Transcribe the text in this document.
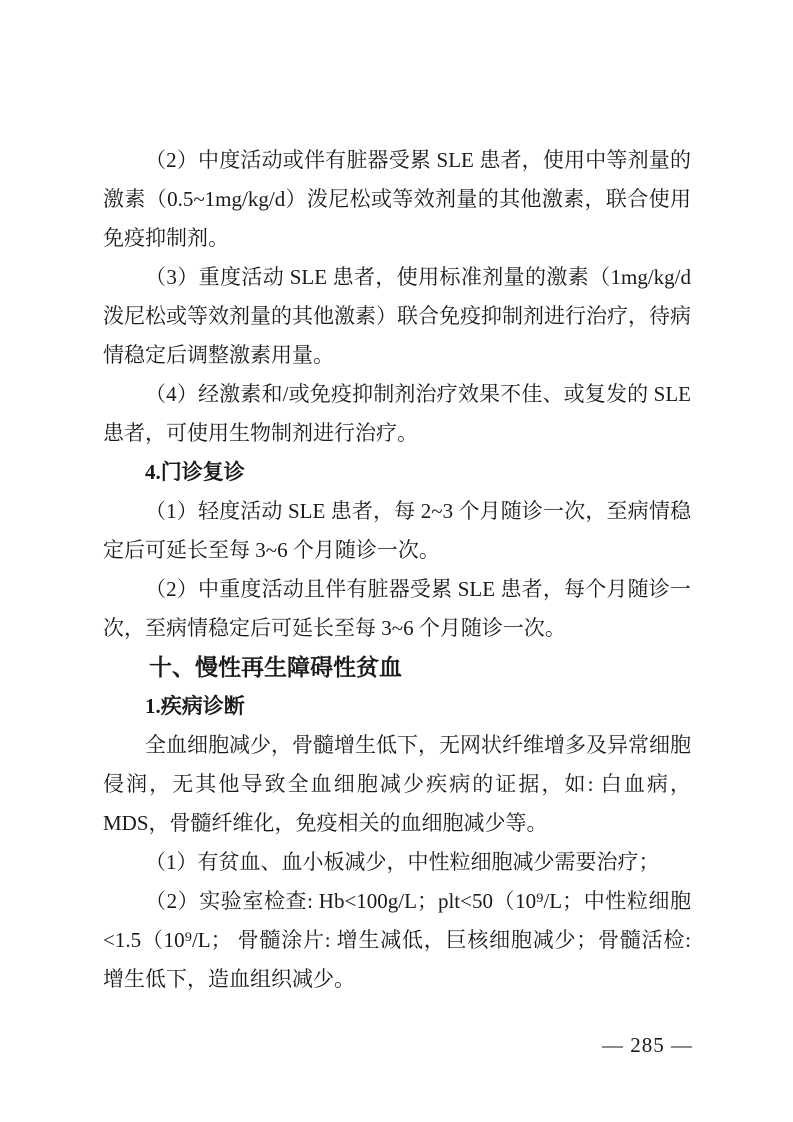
（2）中度活动或伴有脏器受累 SLE 患者，使用中等剂量的激素（0.5~1mg/kg/d）泼尼松或等效剂量的其他激素，联合使用免疫抑制剂。
（3）重度活动 SLE 患者，使用标准剂量的激素（1mg/kg/d泼尼松或等效剂量的其他激素）联合免疫抑制剂进行治疗，待病情稳定后调整激素用量。
（4）经激素和/或免疫抑制剂治疗效果不佳、或复发的 SLE 患者，可使用生物制剂进行治疗。
4.门诊复诊
（1）轻度活动 SLE 患者，每 2~3 个月随诊一次，至病情稳定后可延长至每 3~6 个月随诊一次。
（2）中重度活动且伴有脏器受累 SLE 患者，每个月随诊一次，至病情稳定后可延长至每 3~6 个月随诊一次。
十、慢性再生障碍性贫血
1.疾病诊断
全血细胞减少，骨髓增生低下，无网状纤维增多及异常细胞侵润，无其他导致全血细胞减少疾病的证据，如: 白血病，MDS，骨髓纤维化，免疫相关的血细胞减少等。
（1）有贫血、血小板减少，中性粒细胞减少需要治疗；
（2）实验室检查: Hb<100g/L；plt<50（10⁹/L；中性粒细胞<1.5（10⁹/L； 骨髓涂片: 增生减低，巨核细胞减少；骨髓活检: 增生低下，造血组织减少。
— 285 —
